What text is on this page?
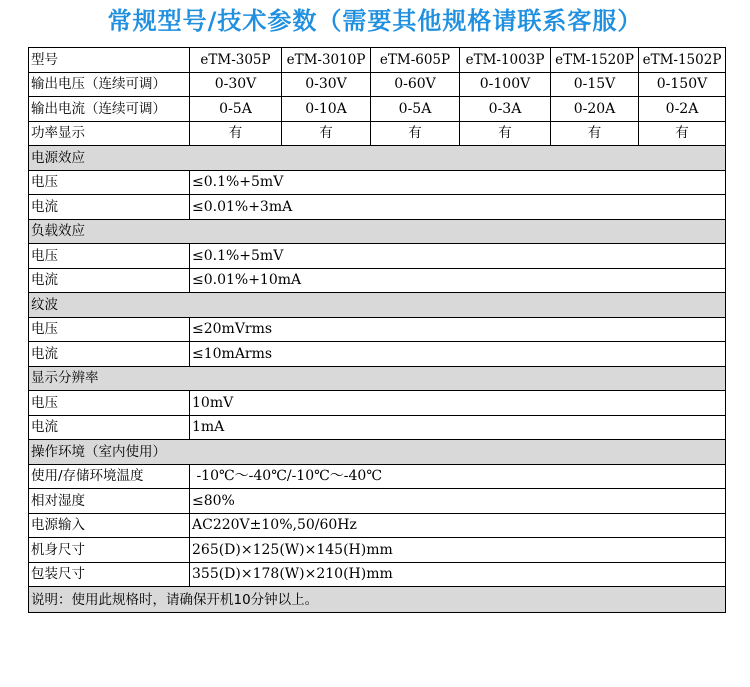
常规型号/技术参数（需要其他规格请联系客服）
型号	eTM-305P	eTM-3010P	eTM-605P	eTM-1003P	eTM-1520P	eTM-1502P
输出电压（连续可调）	0-30V	0-30V	0-60V	0-100V	0-15V	0-150V
输出电流（连续可调）	0-5A	0-10A	0-5A	0-3A	0-20A	0-2A
功率显示	有	有	有	有	有	有
电源效应						
电压	≤0.1%+5mV					
电流	≤0.01%+3mA					
负载效应						
电压	≤0.1%+5mV					
电流	≤0.01%+10mA					
纹波						
电压	≤20mVrms					
电流	≤10mArms					
显示分辨率						
电压	10mV					
电流	1mA					
操作环境（室内使用）						
使用/存储环境温度	-10℃～-40℃/-10℃～-40℃					
相对湿度	≤80%					
电源输入	AC220V±10%,50/60Hz					
机身尺寸	265(D)×125(W)×145(H)mm					
包装尺寸	355(D)×178(W)×210(H)mm					
说明：使用此规格时，请确保开机10分钟以上。						
